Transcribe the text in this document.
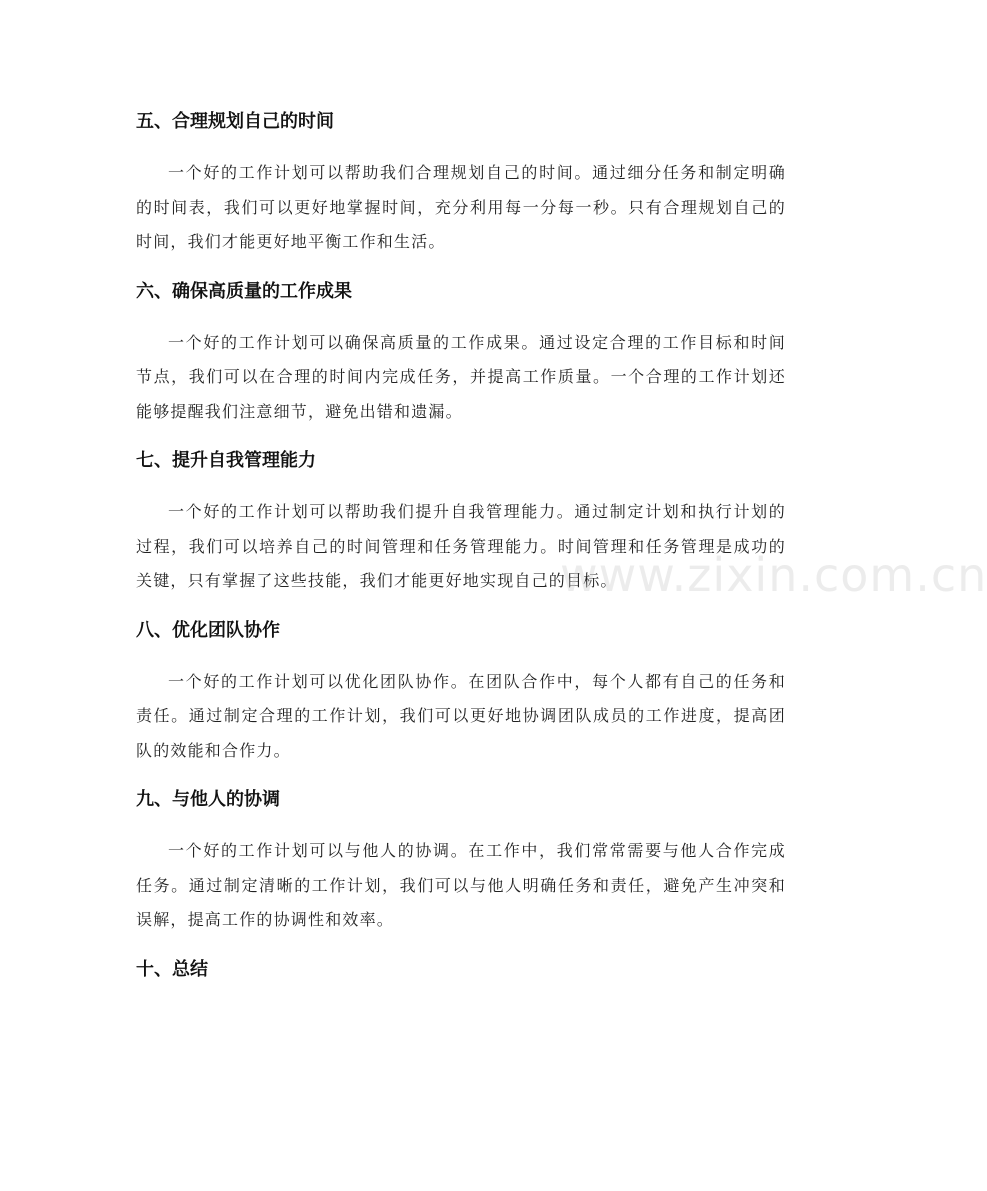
五、合理规划自己的时间

一个好的工作计划可以帮助我们合理规划自己的时间。通过细分任务和制定明确的时间表，我们可以更好地掌握时间，充分利用每一分每一秒。只有合理规划自己的时间，我们才能更好地平衡工作和生活。

六、确保高质量的工作成果

一个好的工作计划可以确保高质量的工作成果。通过设定合理的工作目标和时间节点，我们可以在合理的时间内完成任务，并提高工作质量。一个合理的工作计划还能够提醒我们注意细节，避免出错和遗漏。

七、提升自我管理能力

一个好的工作计划可以帮助我们提升自我管理能力。通过制定计划和执行计划的过程，我们可以培养自己的时间管理和任务管理能力。时间管理和任务管理是成功的关键，只有掌握了这些技能，我们才能更好地实现自己的目标。

八、优化团队协作

一个好的工作计划可以优化团队协作。在团队合作中，每个人都有自己的任务和责任。通过制定合理的工作计划，我们可以更好地协调团队成员的工作进度，提高团队的效能和合作力。

九、与他人的协调

一个好的工作计划可以与他人的协调。在工作中，我们常常需要与他人合作完成任务。通过制定清晰的工作计划，我们可以与他人明确任务和责任，避免产生冲突和误解，提高工作的协调性和效率。

十、总结
www.zixin.com.cn
